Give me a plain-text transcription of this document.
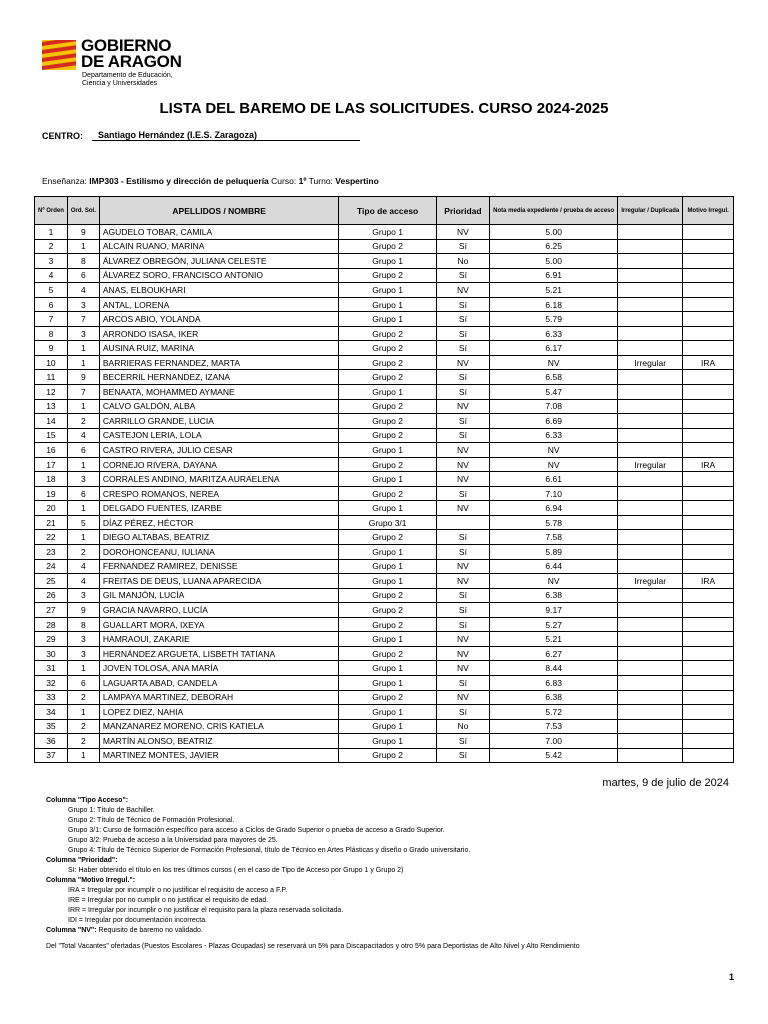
GOBIERNO
DE ARAGON
Departamento de Educación,
Ciencia y Universidades
LISTA DEL BAREMO DE LAS SOLICITUDES. CURSO 2024-2025
CENTRO: Santiago Hernández (I.E.S. Zaragoza)
Enseñanza: IMP303 - Estilismo y dirección de peluquería Curso: 1º Turno: Vespertino
Nº Orden	Ord. Sol.	APELLIDOS / NOMBRE	Tipo de acceso	Prioridad	Nota media expediente / prueba de acceso	Irregular / Duplicada	Motivo Irregul.
1	9	AGUDELO TOBAR, CAMILA	Grupo 1	NV	5.00		
2	1	ALCAIN RUANO, MARINA	Grupo 2	Sí	6.25		
3	8	ÁLVAREZ OBREGÓN, JULIANA CELESTE	Grupo 1	No	5.00		
4	6	ÁLVAREZ SORO, FRANCISCO ANTONIO	Grupo 2	Sí	6.91		
5	4	ANAS, ELBOUKHARI	Grupo 1	NV	5.21		
6	3	ANTAL, LORENA	Grupo 1	Sí	6.18		
7	7	ARCOS ABIO, YOLANDA	Grupo 1	Sí	5.79		
8	3	ARRONDO ISASA, IKER	Grupo 2	Sí	6.33		
9	1	AUSINA RUIZ, MARINA	Grupo 2	Sí	6.17		
10	1	BARRIERAS FERNANDEZ, MARTA	Grupo 2	NV	NV	Irregular	IRA
11	9	BECERRIL HERNANDEZ, IZANA	Grupo 2	Sí	6.58		
12	7	BENAATA, MOHAMMED AYMANE	Grupo 1	Sí	5.47		
13	1	CALVO GALDÓN, ALBA	Grupo 2	NV	7.08		
14	2	CARRILLO GRANDE, LUCIA	Grupo 2	Sí	6.69		
15	4	CASTEJON LERIA, LOLA	Grupo 2	Sí	6.33		
16	6	CASTRO RIVERA, JULIO CESAR	Grupo 1	NV	NV		
17	1	CORNEJO RIVERA, DAYANA	Grupo 2	NV	NV	Irregular	IRA
18	3	CORRALES ANDINO, MARITZA AURAELENA	Grupo 1	NV	6.61		
19	6	CRESPO ROMANOS, NEREA	Grupo 2	Sí	7.10		
20	1	DELGADO FUENTES, IZARBE	Grupo 1	NV	6.94		
21	5	DÍAZ PÉREZ, HÉCTOR	Grupo 3/1		5.78		
22	1	DIEGO ALTABAS, BEATRIZ	Grupo 2	Sí	7.58		
23	2	DOROHONCEANU, IULIANA	Grupo 1	Sí	5.89		
24	4	FERNANDEZ RAMIREZ, DENISSE	Grupo 1	NV	6.44		
25	4	FREITAS DE DEUS, LUANA APARECIDA	Grupo 1	NV	NV	Irregular	IRA
26	3	GIL MANJÓN, LUCÍA	Grupo 2	Sí	6.38		
27	9	GRACIA NAVARRO, LUCÍA	Grupo 2	Sí	9.17		
28	8	GUALLART MORA, IXEYA	Grupo 2	Sí	5.27		
29	3	HAMRAOUI, ZAKARIE	Grupo 1	NV	5.21		
30	3	HERNÁNDEZ ARGUETA, LISBETH TATIANA	Grupo 2	NV	6.27		
31	1	JOVEN TOLOSA, ANA MARÍA	Grupo 1	NV	8.44		
32	6	LAGUARTA ABAD, CANDELA	Grupo 1	Sí	6.83		
33	2	LAMPAYA MARTINEZ, DEBORAH	Grupo 2	NV	6.38		
34	1	LOPEZ DIEZ, NAHIA	Grupo 1	Sí	5.72		
35	2	MANZANAREZ MORENO, CRIS KATIELA	Grupo 1	No	7.53		
36	2	MARTÍN ALONSO, BEATRIZ	Grupo 1	Sí	7.00		
37	1	MARTINEZ MONTES, JAVIER	Grupo 2	Sí	5.42		
martes, 9 de julio de 2024
Columna "Tipo Acceso":
Grupo 1: Título de Bachiller.
Grupo 2: Título de Técnico de Formación Profesional.
Grupo 3/1: Curso de formación específico para acceso a Ciclos de Grado Superior o prueba de acceso a Grado Superior.
Grupo 3/2: Prueba de acceso a la Universidad para mayores de 25.
Grupo 4: Título de Técnico Superior de Formación Profesional, título de Técnico en Artes Plásticas y diseño o Grado universitario.
Columna "Prioridad":
SI: Haber obtenido el título en los tres últimos cursos ( en el caso de Tipo de Acceso por Grupo 1 y Grupo 2)
Columna "Motivo Irregul.":
IRA = Irregular por incumplir o no justificar el requisito de acceso a F.P.
IRE = Irregular por no cumplir o no justificar el requisito de edad.
IRR = Irregular por incumplir o no justificar el requisito para la plaza reservada solicitada.
IDI = Irregular por documentación incorrecta.
Columna "NV": Requisito de baremo no validado.
Del "Total Vacantes" ofertadas (Puestos Escolares - Plazas Ocupadas) se reservará un 5% para Discapacitados y otro 5% para Deportistas de Alto Nivel y Alto Rendimiento
1
